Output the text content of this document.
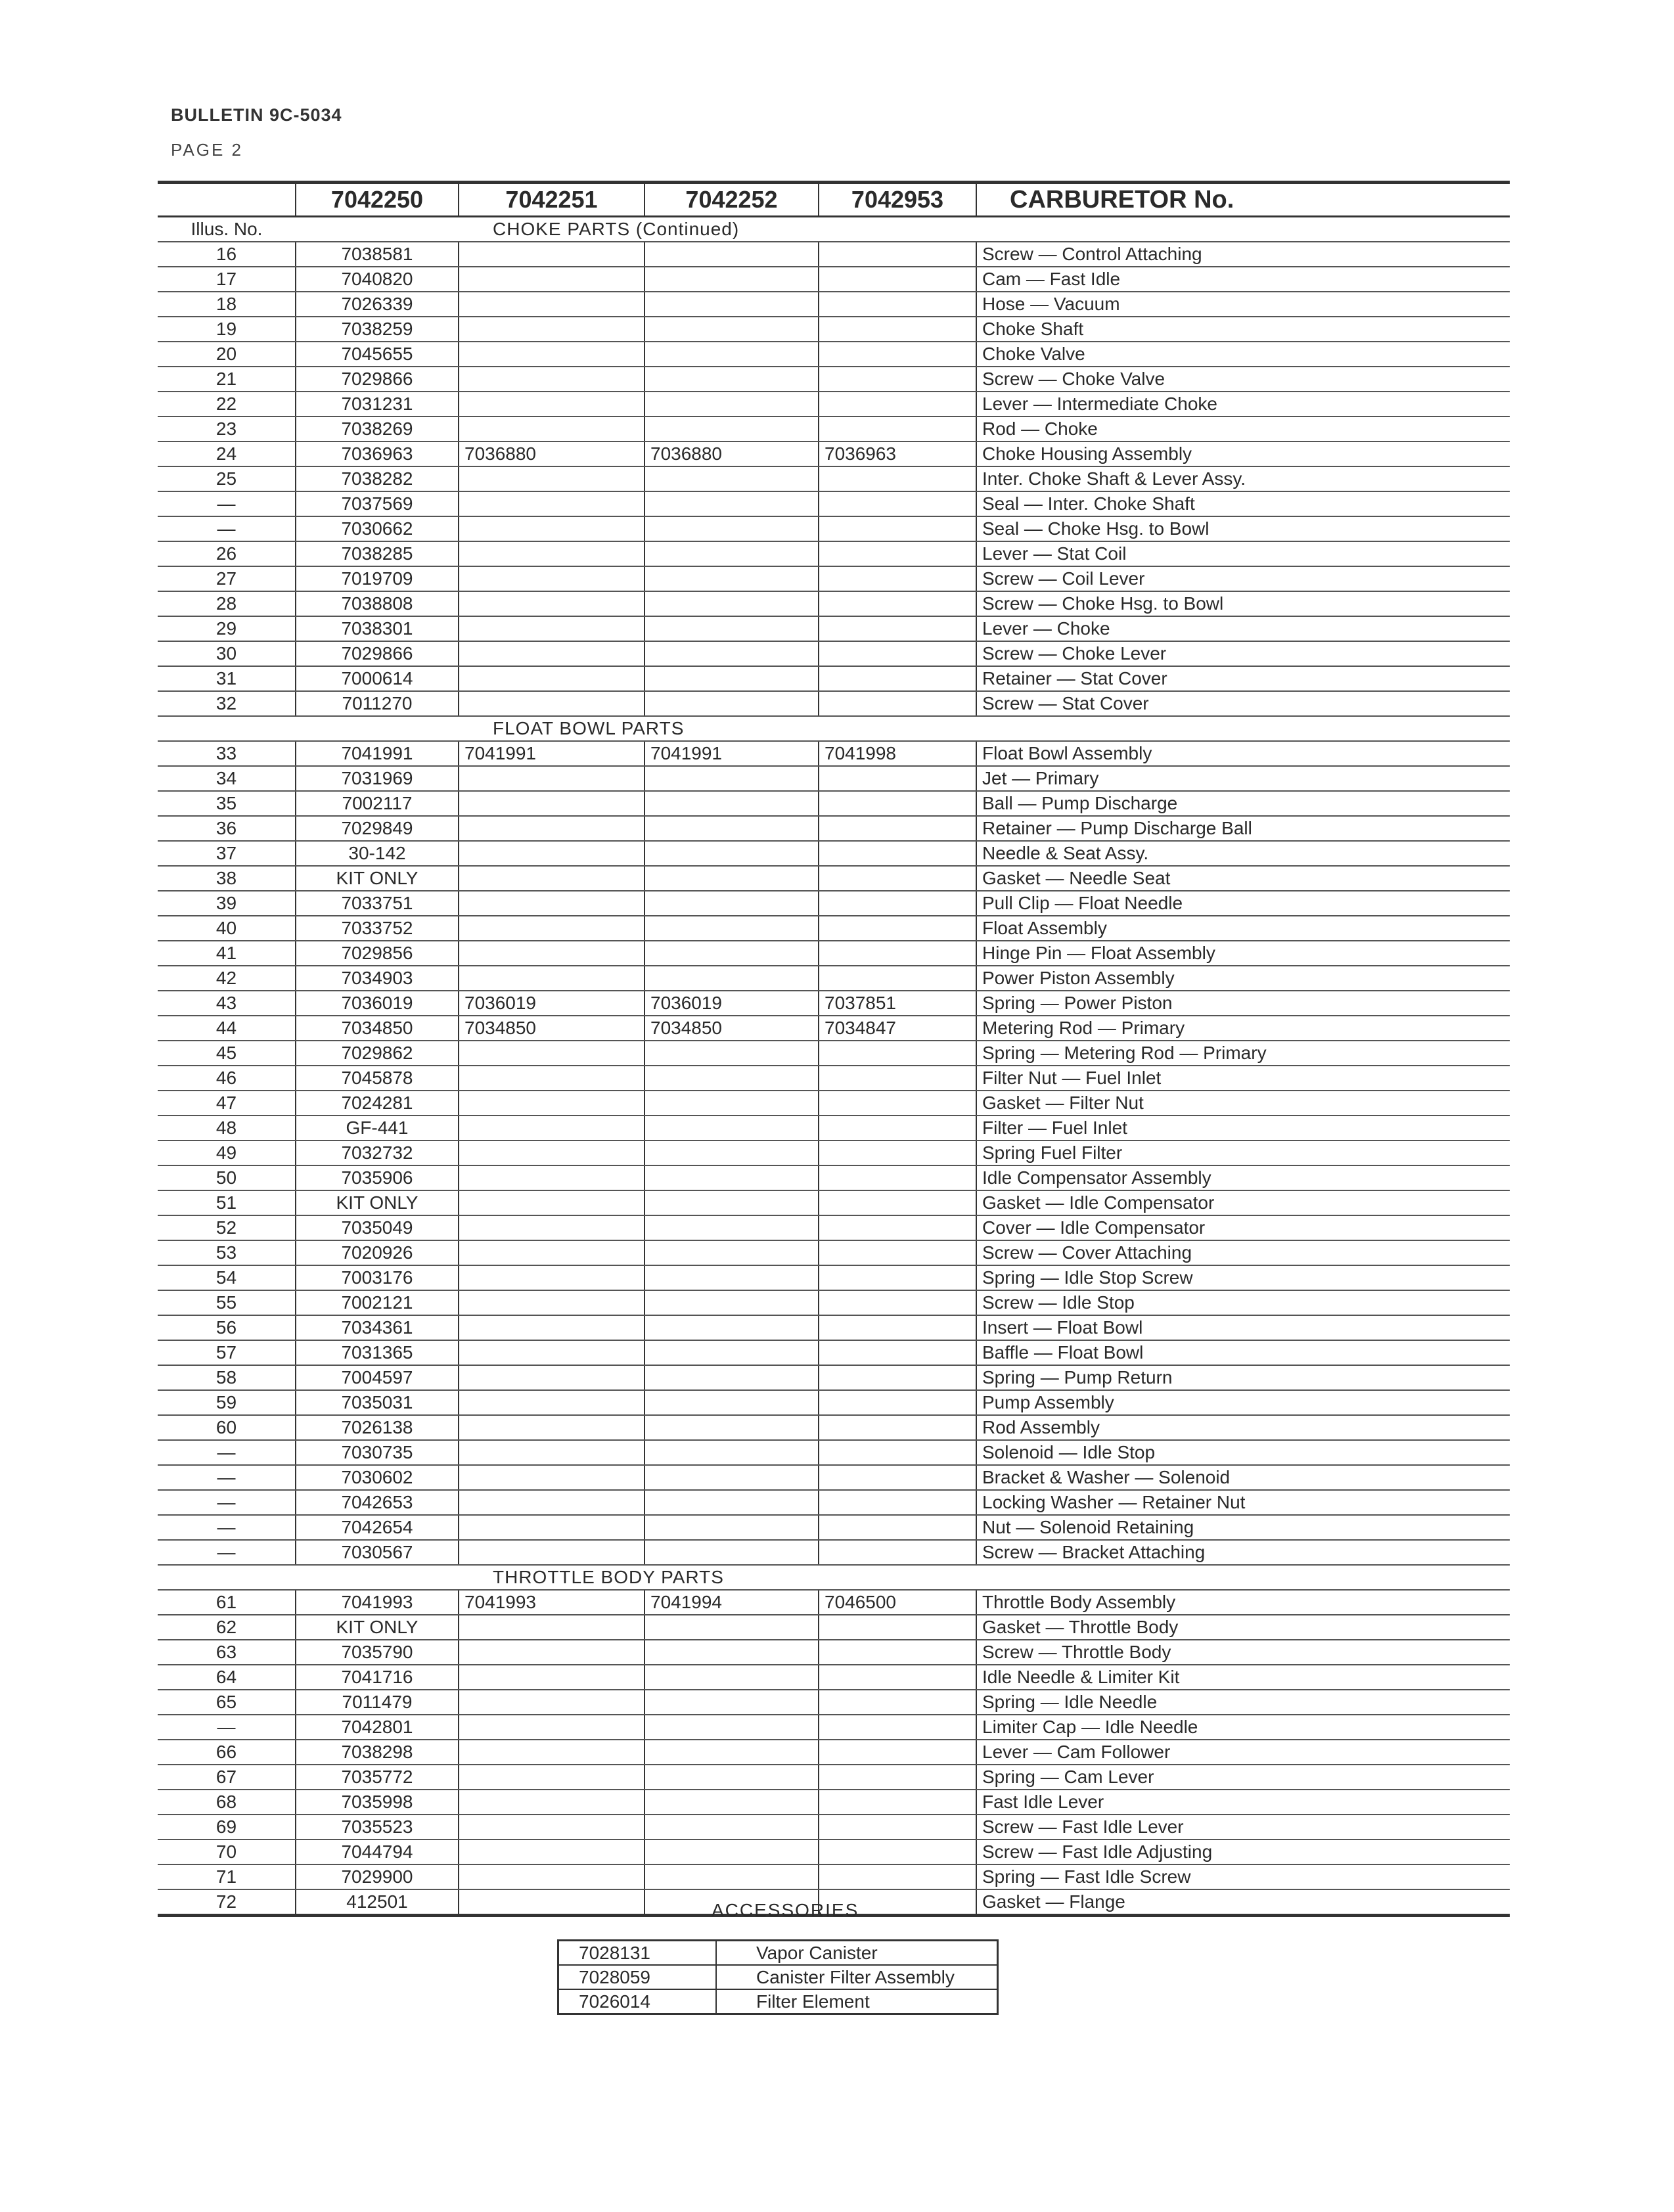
BULLETIN 9C-5034
PAGE 2
	7042250	7042251	7042252	7042953	CARBURETOR No.
Illus. No.	CHOKE PARTS (Continued)				
16	7038581				Screw — Control Attaching
17	7040820				Cam — Fast Idle
18	7026339				Hose — Vacuum
19	7038259				Choke Shaft
20	7045655				Choke Valve
21	7029866				Screw — Choke Valve
22	7031231				Lever — Intermediate Choke
23	7038269				Rod — Choke
24	7036963	7036880	7036880	7036963	Choke Housing Assembly
25	7038282				Inter. Choke Shaft & Lever Assy.
—	7037569				Seal — Inter. Choke Shaft
—	7030662				Seal — Choke Hsg. to Bowl
26	7038285				Lever — Stat Coil
27	7019709				Screw — Coil Lever
28	7038808				Screw — Choke Hsg. to Bowl
29	7038301				Lever — Choke
30	7029866				Screw — Choke Lever
31	7000614				Retainer — Stat Cover
32	7011270				Screw — Stat Cover
	FLOAT BOWL PARTS				
33	7041991	7041991	7041991	7041998	Float Bowl Assembly
34	7031969				Jet — Primary
35	7002117				Ball — Pump Discharge
36	7029849				Retainer — Pump Discharge Ball
37	30-142				Needle & Seat Assy.
38	KIT ONLY				Gasket — Needle Seat
39	7033751				Pull Clip — Float Needle
40	7033752				Float Assembly
41	7029856				Hinge Pin — Float Assembly
42	7034903				Power Piston Assembly
43	7036019	7036019	7036019	7037851	Spring — Power Piston
44	7034850	7034850	7034850	7034847	Metering Rod — Primary
45	7029862				Spring — Metering Rod — Primary
46	7045878				Filter Nut — Fuel Inlet
47	7024281				Gasket — Filter Nut
48	GF-441				Filter — Fuel Inlet
49	7032732				Spring Fuel Filter
50	7035906				Idle Compensator Assembly
51	KIT ONLY				Gasket — Idle Compensator
52	7035049				Cover — Idle Compensator
53	7020926				Screw — Cover Attaching
54	7003176				Spring — Idle Stop Screw
55	7002121				Screw — Idle Stop
56	7034361				Insert — Float Bowl
57	7031365				Baffle — Float Bowl
58	7004597				Spring — Pump Return
59	7035031				Pump Assembly
60	7026138				Rod Assembly
—	7030735				Solenoid — Idle Stop
—	7030602				Bracket & Washer — Solenoid
—	7042653				Locking Washer — Retainer Nut
—	7042654				Nut — Solenoid Retaining
—	7030567				Screw — Bracket Attaching
	THROTTLE BODY PARTS				
61	7041993	7041993	7041994	7046500	Throttle Body Assembly
62	KIT ONLY				Gasket — Throttle Body
63	7035790				Screw — Throttle Body
64	7041716				Idle Needle & Limiter Kit
65	7011479				Spring — Idle Needle
—	7042801				Limiter Cap — Idle Needle
66	7038298				Lever — Cam Follower
67	7035772				Spring — Cam Lever
68	7035998				Fast Idle Lever
69	7035523				Screw — Fast Idle Lever
70	7044794				Screw — Fast Idle Adjusting
71	7029900				Spring — Fast Idle Screw
72	412501				Gasket — Flange
ACCESSORIES
7028131	Vapor Canister
7028059	Canister Filter Assembly
7026014	Filter Element
